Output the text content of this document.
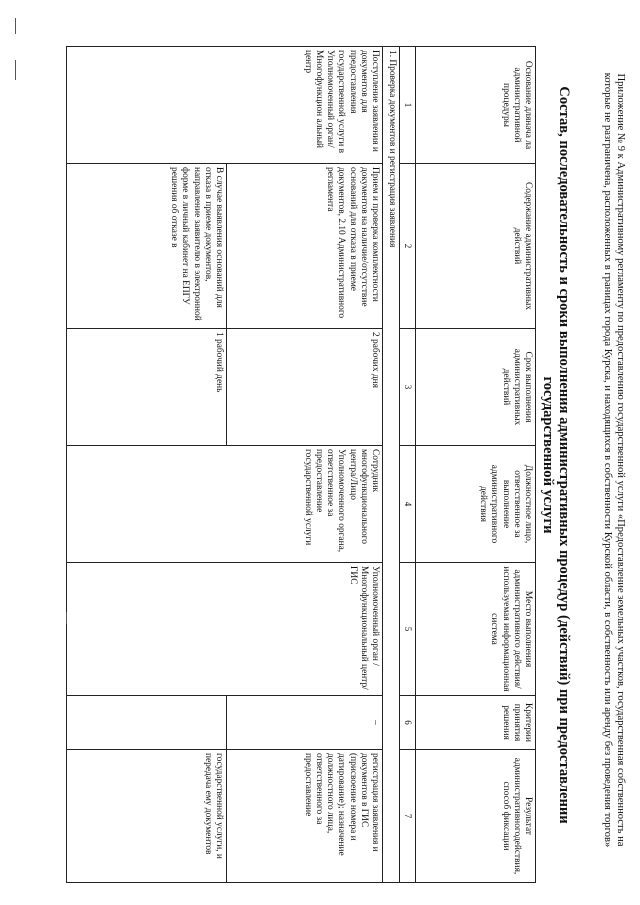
Приложение № 9 к Административному регламенту по предоставлению государственной услуги «Предоставление земельных участков, государственная собственность на которые не разграничена, расположенных в границах города Курска, и находящихся в собственности Курской области, в собственность или аренду без проведения торгов»
Состав, последовательность и сроки выполнения административных процедур (действий) при предоставлении государственной услуги
Основание длянача ла административной процедуры	Содержание административных действий	Срок выполнения административных действий	Должностное лицо, ответственное за выполнение административного действия	Место выполнения административного действия/ используемая информационная система	Критерии принятия решения	Результат административногодействия, способ фиксации
1	2	3	4	5	6	7
1. Проверка документов и регистрация заявления						
Поступление заявления и документов для предоставления государственной услуги в Уполномоченный орган/Многофункцион альный центр	Прием и проверка комплектности документов на наличие/отсутствие оснований для отказа в приеме документов, 2.10 Административного регламента	2 рабочих дня	Сотрудник многофункционального центра/Лицо Уполномоченного органа, ответственное за предоставление государственной услуги	Уполномоченный орган / Многофункциональный центр/ГИС	–	регистрация заявления и документов в ГИС (присвоение номера и датирование); назначение должностного лица, ответственного за предоставление
	В случае выявления оснований для отказа в приеме документов, направление заявителю в электронной форме в личный кабинет на ЕПГУ решения об отказе в	1 рабочий день				государственной услуги, и передача ему документов
